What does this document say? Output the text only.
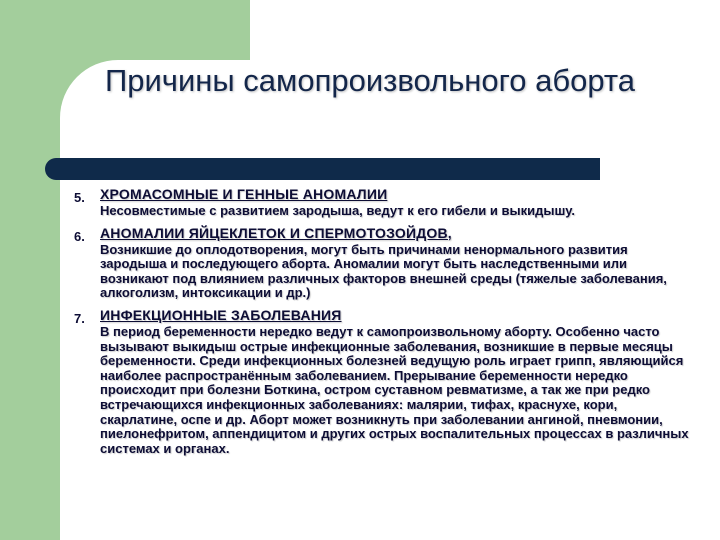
Причины самопроизвольного аборта
5. ХРОМАСОМНЫЕ И ГЕННЫЕ АНОМАЛИИ
Несовместимые с развитием зародыша, ведут к его гибели и выкидышу.
6. АНОМАЛИИ ЯЙЦЕКЛЕТОК И СПЕРМОТОЗОЙДОВ,
Возникшие до оплодотворения, могут быть причинами ненормального развития зародыша и последующего аборта. Аномалии могут быть наследственными или возникают под влиянием различных факторов внешней среды (тяжелые заболевания, алкоголизм, интоксикации и др.)
7. ИНФЕКЦИОННЫЕ ЗАБОЛЕВАНИЯ
В период беременности нередко ведут к самопроизвольному аборту. Особенно часто вызывают выкидыш острые инфекционные заболевания, возникшие в первые месяцы беременности. Среди инфекционных болезней ведущую роль играет грипп, являющийся наиболее распространённым заболеванием. Прерывание беременности нередко происходит при болезни Боткина, остром суставном ревматизме, а так же при редко встречающихся инфекционных заболеваниях: малярии, тифах, краснухе, кори, скарлатине, оспе и др. Аборт может возникнуть при заболевании ангиной, пневмонии, пиелонефритом, аппендицитом и других острых воспалительных процессах в различных системах и органах.
